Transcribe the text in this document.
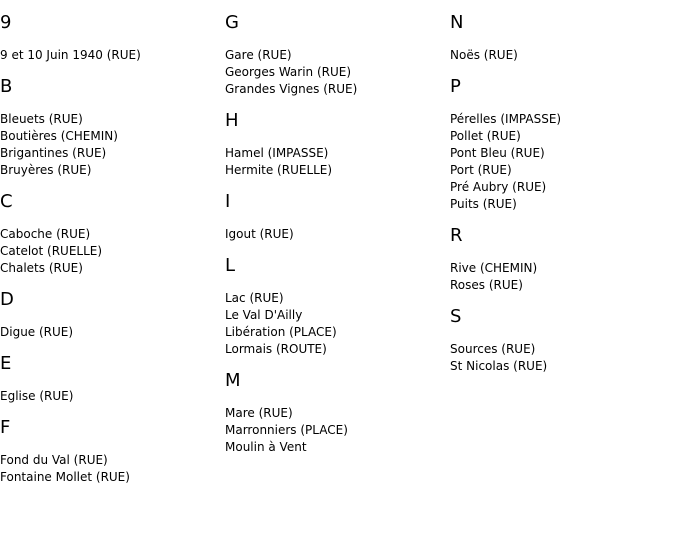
9
9 et 10 Juin 1940 (RUE)
B
Bleuets (RUE)
Boutières (CHEMIN)
Brigantines (RUE)
Bruyères (RUE)
C
Caboche (RUE)
Catelot (RUELLE)
Chalets (RUE)
D
Digue (RUE)
E
Eglise (RUE)
F
Fond du Val (RUE)
Fontaine Mollet (RUE)
G
Gare (RUE)
Georges Warin (RUE)
Grandes Vignes (RUE)
H
Hamel (IMPASSE)
Hermite (RUELLE)
I
Igout (RUE)
L
Lac (RUE)
Le Val D'Ailly
Libération (PLACE)
Lormais (ROUTE)
M
Mare (RUE)
Marronniers (PLACE)
Moulin à Vent
N
Noës (RUE)
P
Pérelles (IMPASSE)
Pollet (RUE)
Pont Bleu (RUE)
Port (RUE)
Pré Aubry (RUE)
Puits (RUE)
R
Rive (CHEMIN)
Roses (RUE)
S
Sources (RUE)
St Nicolas (RUE)
